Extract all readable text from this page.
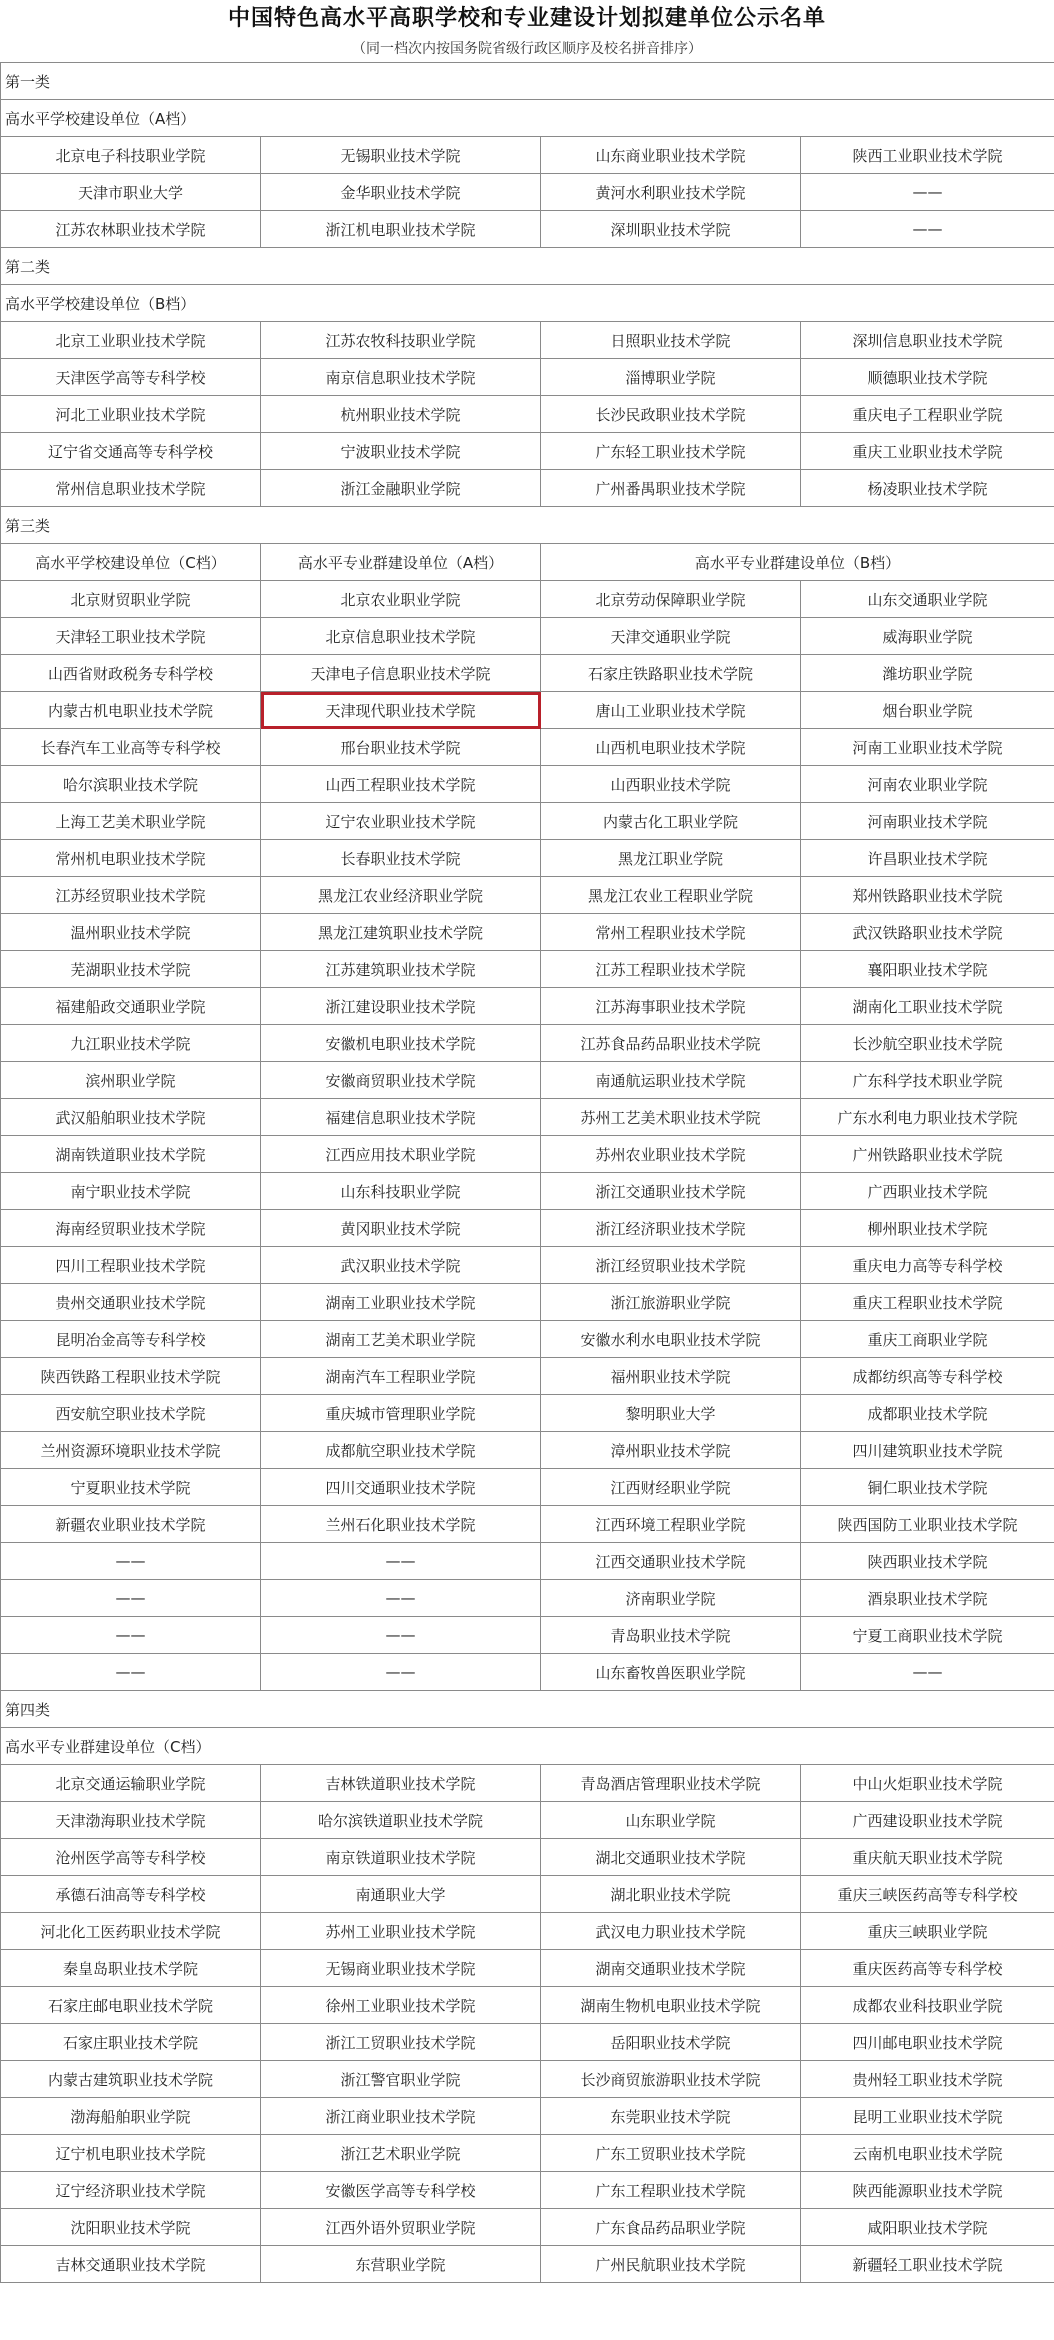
中国特色高水平高职学校和专业建设计划拟建单位公示名单
（同一档次内按国务院省级行政区顺序及校名拼音排序）
第一类			
高水平学校建设单位（A档）			
北京电子科技职业学院	无锡职业技术学院	山东商业职业技术学院	陕西工业职业技术学院
天津市职业大学	金华职业技术学院	黄河水利职业技术学院	——
江苏农林职业技术学院	浙江机电职业技术学院	深圳职业技术学院	——
第二类			
高水平学校建设单位（B档）			
北京工业职业技术学院	江苏农牧科技职业学院	日照职业技术学院	深圳信息职业技术学院
天津医学高等专科学校	南京信息职业技术学院	淄博职业学院	顺德职业技术学院
河北工业职业技术学院	杭州职业技术学院	长沙民政职业技术学院	重庆电子工程职业学院
辽宁省交通高等专科学校	宁波职业技术学院	广东轻工职业技术学院	重庆工业职业技术学院
常州信息职业技术学院	浙江金融职业学院	广州番禺职业技术学院	杨凌职业技术学院
第三类			
高水平学校建设单位（C档）	高水平专业群建设单位（A档）	高水平专业群建设单位（B档）	
北京财贸职业学院	北京农业职业学院	北京劳动保障职业学院	山东交通职业学院
天津轻工职业技术学院	北京信息职业技术学院	天津交通职业学院	威海职业学院
山西省财政税务专科学校	天津电子信息职业技术学院	石家庄铁路职业技术学院	潍坊职业学院
内蒙古机电职业技术学院	天津现代职业技术学院	唐山工业职业技术学院	烟台职业学院
长春汽车工业高等专科学校	邢台职业技术学院	山西机电职业技术学院	河南工业职业技术学院
哈尔滨职业技术学院	山西工程职业技术学院	山西职业技术学院	河南农业职业学院
上海工艺美术职业学院	辽宁农业职业技术学院	内蒙古化工职业学院	河南职业技术学院
常州机电职业技术学院	长春职业技术学院	黑龙江职业学院	许昌职业技术学院
江苏经贸职业技术学院	黑龙江农业经济职业学院	黑龙江农业工程职业学院	郑州铁路职业技术学院
温州职业技术学院	黑龙江建筑职业技术学院	常州工程职业技术学院	武汉铁路职业技术学院
芜湖职业技术学院	江苏建筑职业技术学院	江苏工程职业技术学院	襄阳职业技术学院
福建船政交通职业学院	浙江建设职业技术学院	江苏海事职业技术学院	湖南化工职业技术学院
九江职业技术学院	安徽机电职业技术学院	江苏食品药品职业技术学院	长沙航空职业技术学院
滨州职业学院	安徽商贸职业技术学院	南通航运职业技术学院	广东科学技术职业学院
武汉船舶职业技术学院	福建信息职业技术学院	苏州工艺美术职业技术学院	广东水利电力职业技术学院
湖南铁道职业技术学院	江西应用技术职业学院	苏州农业职业技术学院	广州铁路职业技术学院
南宁职业技术学院	山东科技职业学院	浙江交通职业技术学院	广西职业技术学院
海南经贸职业技术学院	黄冈职业技术学院	浙江经济职业技术学院	柳州职业技术学院
四川工程职业技术学院	武汉职业技术学院	浙江经贸职业技术学院	重庆电力高等专科学校
贵州交通职业技术学院	湖南工业职业技术学院	浙江旅游职业学院	重庆工程职业技术学院
昆明冶金高等专科学校	湖南工艺美术职业学院	安徽水利水电职业技术学院	重庆工商职业学院
陕西铁路工程职业技术学院	湖南汽车工程职业学院	福州职业技术学院	成都纺织高等专科学校
西安航空职业技术学院	重庆城市管理职业学院	黎明职业大学	成都职业技术学院
兰州资源环境职业技术学院	成都航空职业技术学院	漳州职业技术学院	四川建筑职业技术学院
宁夏职业技术学院	四川交通职业技术学院	江西财经职业学院	铜仁职业技术学院
新疆农业职业技术学院	兰州石化职业技术学院	江西环境工程职业学院	陕西国防工业职业技术学院
——	——	江西交通职业技术学院	陕西职业技术学院
——	——	济南职业学院	酒泉职业技术学院
——	——	青岛职业技术学院	宁夏工商职业技术学院
——	——	山东畜牧兽医职业学院	——
第四类			
高水平专业群建设单位（C档）			
北京交通运输职业学院	吉林铁道职业技术学院	青岛酒店管理职业技术学院	中山火炬职业技术学院
天津渤海职业技术学院	哈尔滨铁道职业技术学院	山东职业学院	广西建设职业技术学院
沧州医学高等专科学校	南京铁道职业技术学院	湖北交通职业技术学院	重庆航天职业技术学院
承德石油高等专科学校	南通职业大学	湖北职业技术学院	重庆三峡医药高等专科学校
河北化工医药职业技术学院	苏州工业职业技术学院	武汉电力职业技术学院	重庆三峡职业学院
秦皇岛职业技术学院	无锡商业职业技术学院	湖南交通职业技术学院	重庆医药高等专科学校
石家庄邮电职业技术学院	徐州工业职业技术学院	湖南生物机电职业技术学院	成都农业科技职业学院
石家庄职业技术学院	浙江工贸职业技术学院	岳阳职业技术学院	四川邮电职业技术学院
内蒙古建筑职业技术学院	浙江警官职业学院	长沙商贸旅游职业技术学院	贵州轻工职业技术学院
渤海船舶职业学院	浙江商业职业技术学院	东莞职业技术学院	昆明工业职业技术学院
辽宁机电职业技术学院	浙江艺术职业学院	广东工贸职业技术学院	云南机电职业技术学院
辽宁经济职业技术学院	安徽医学高等专科学校	广东工程职业技术学院	陕西能源职业技术学院
沈阳职业技术学院	江西外语外贸职业学院	广东食品药品职业学院	咸阳职业技术学院
吉林交通职业技术学院	东营职业学院	广州民航职业技术学院	新疆轻工职业技术学院
